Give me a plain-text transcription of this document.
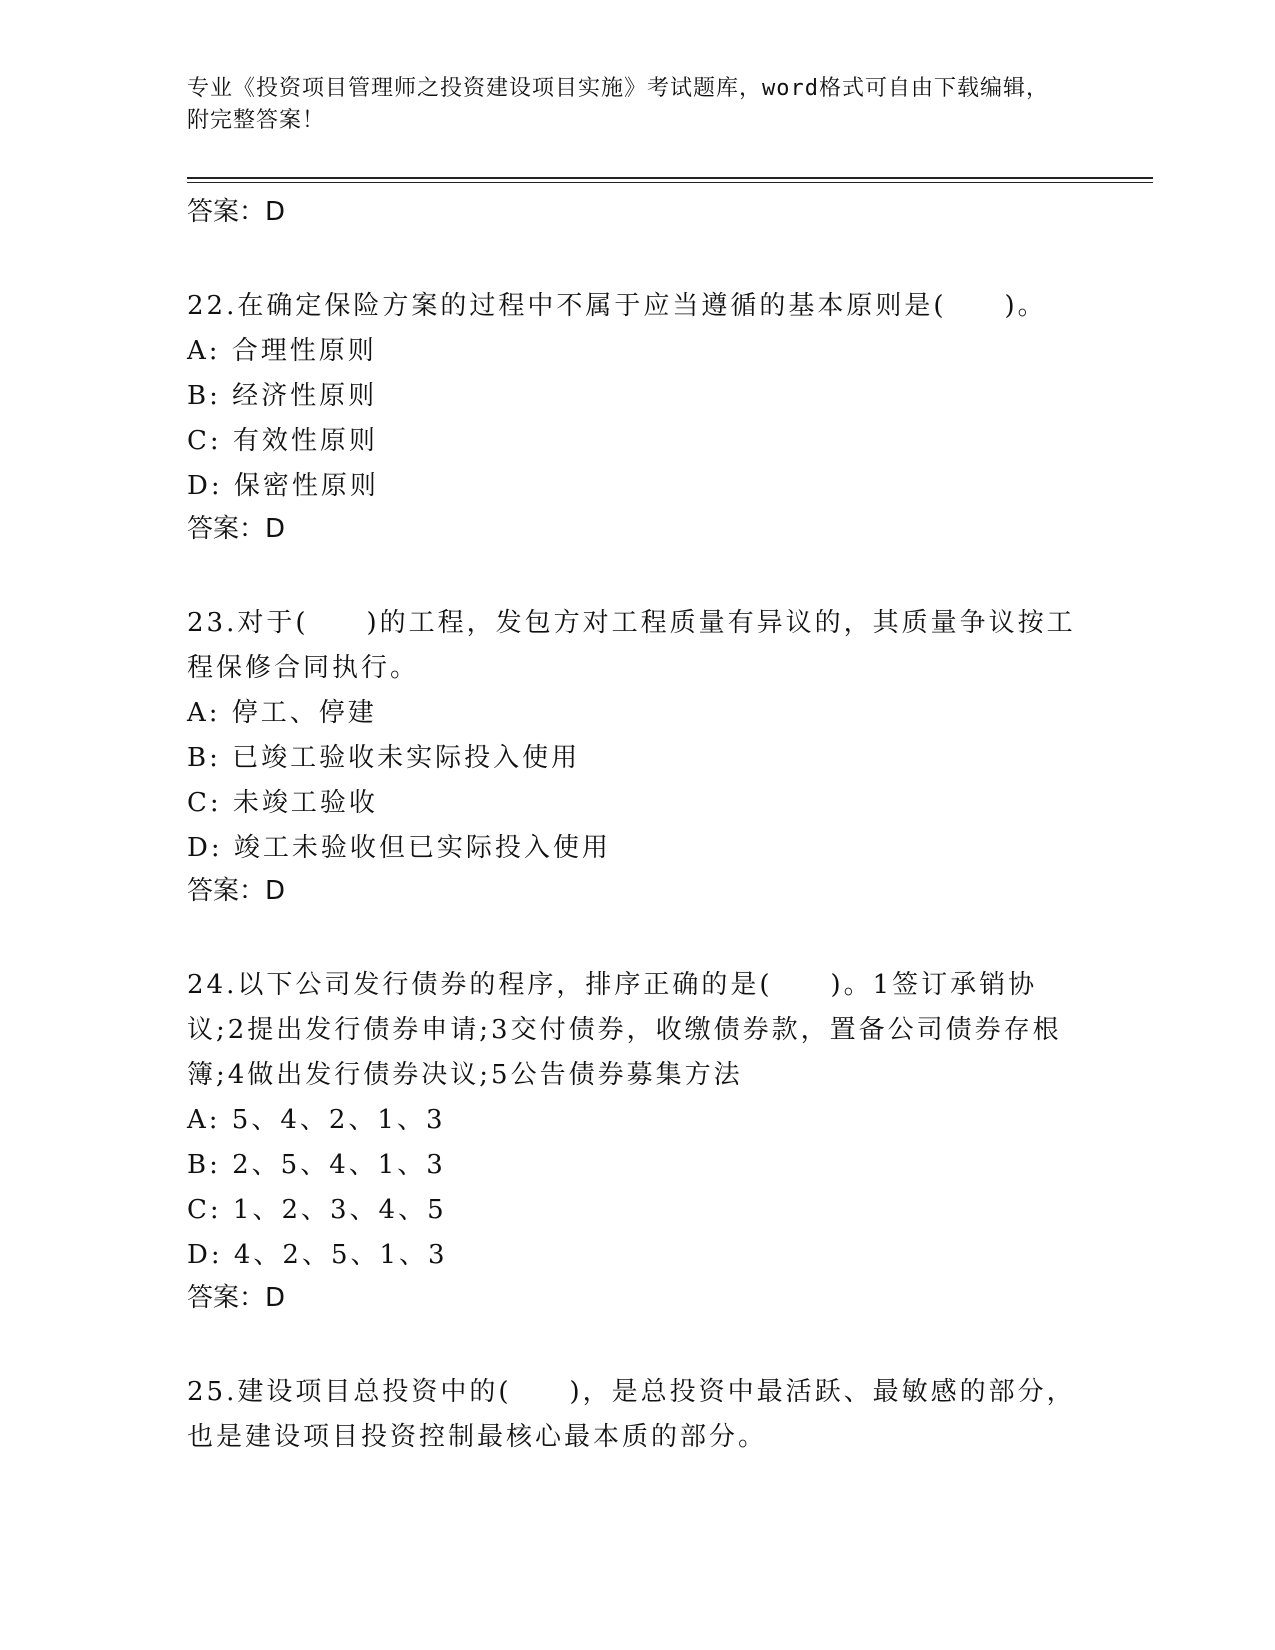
专业《投资项目管理师之投资建设项目实施》考试题库，word格式可自由下载编辑，附完整答案！
答案：D
22.在确定保险方案的过程中不属于应当遵循的基本原则是(　　)。
A: 合理性原则
B: 经济性原则
C: 有效性原则
D: 保密性原则
答案：D
23.对于(　　)的工程，发包方对工程质量有异议的，其质量争议按工程保修合同执行。
A: 停工、停建
B: 已竣工验收未实际投入使用
C: 未竣工验收
D: 竣工未验收但已实际投入使用
答案：D
24.以下公司发行债券的程序，排序正确的是(　　)。1签订承销协议;2提出发行债券申请;3交付债券，收缴债券款，置备公司债券存根簿;4做出发行债券决议;5公告债券募集方法
A: 5、4、2、1、3
B: 2、5、4、1、3
C: 1、2、3、4、5
D: 4、2、5、1、3
答案：D
25.建设项目总投资中的(　　)，是总投资中最活跃、最敏感的部分，也是建设项目投资控制最核心最本质的部分。
